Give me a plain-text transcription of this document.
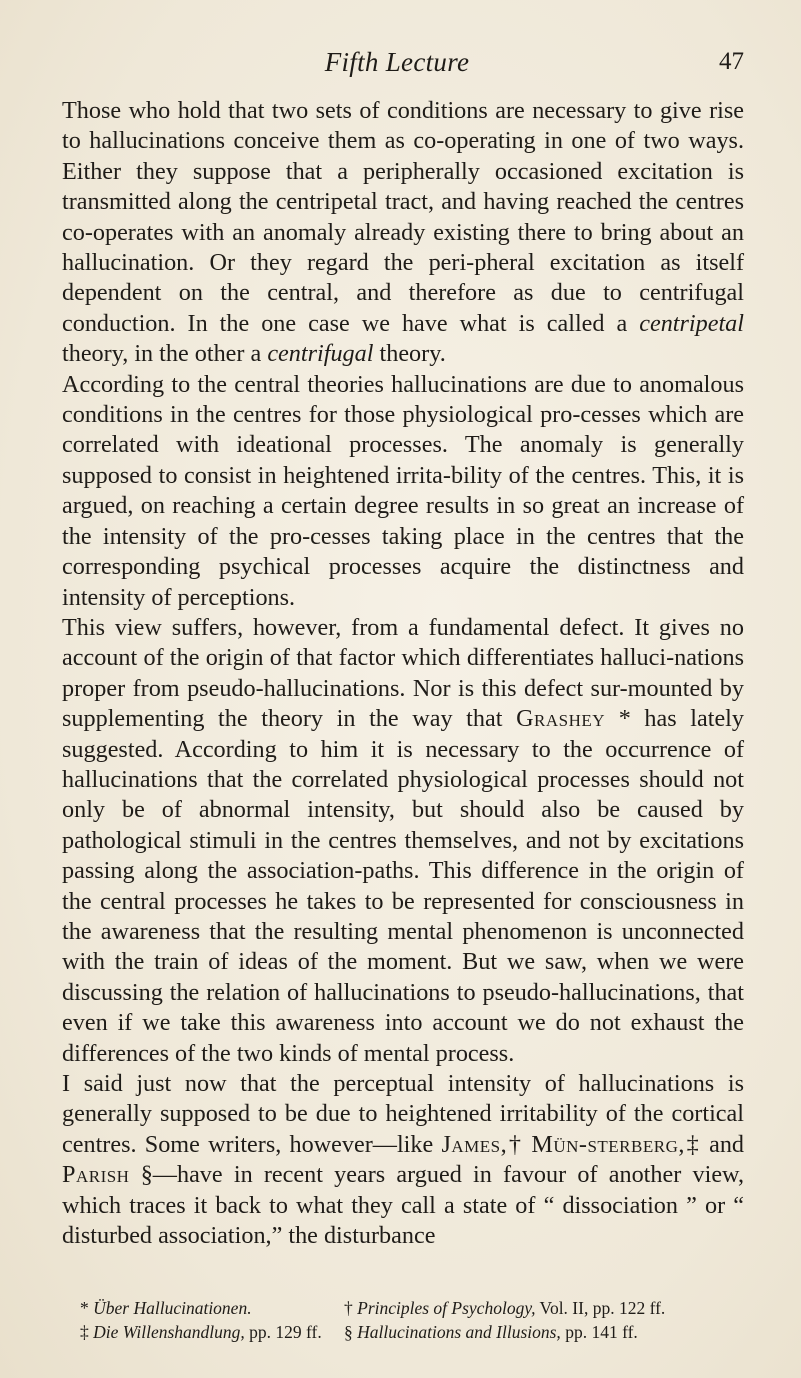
Fifth Lecture	47

Those who hold that two sets of conditions are necessary to give rise to hallucinations conceive them as co-operating in one of two ways. Either they suppose that a peripherally occasioned excitation is transmitted along the centripetal tract, and having reached the centres co-operates with an anomaly already existing there to bring about an hallucination. Or they regard the peri-pheral excitation as itself dependent on the central, and therefore as due to centrifugal conduction. In the one case we have what is called a centripetal theory, in the other a centrifugal theory.

According to the central theories hallucinations are due to anomalous conditions in the centres for those physiological pro-cesses which are correlated with ideational processes. The anomaly is generally supposed to consist in heightened irrita-bility of the centres. This, it is argued, on reaching a certain degree results in so great an increase of the intensity of the pro-cesses taking place in the centres that the corresponding psychical processes acquire the distinctness and intensity of perceptions.

This view suffers, however, from a fundamental defect. It gives no account of the origin of that factor which differentiates halluci-nations proper from pseudo-hallucinations. Nor is this defect sur-mounted by supplementing the theory in the way that Grashey * has lately suggested. According to him it is necessary to the occurrence of hallucinations that the correlated physiological processes should not only be of abnormal intensity, but should also be caused by pathological stimuli in the centres themselves, and not by excitations passing along the association-paths. This difference in the origin of the central processes he takes to be represented for consciousness in the awareness that the resulting mental phenomenon is unconnected with the train of ideas of the moment. But we saw, when we were discussing the relation of hallucinations to pseudo-hallucinations, that even if we take this awareness into account we do not exhaust the differences of the two kinds of mental process.

I said just now that the perceptual intensity of hallucinations is generally supposed to be due to heightened irritability of the cortical centres. Some writers, however—like James,† Mün-sterberg,‡ and Parish §—have in recent years argued in favour of another view, which traces it back to what they call a state of “ dissociation ” or “ disturbed association,” the disturbance

* Über Hallucinationen.	† Principles of Psychology, Vol. II, pp. 122 ff.
‡ Die Willenshandlung, pp. 129 ff.	§ Hallucinations and Illusions, pp. 141 ff.
